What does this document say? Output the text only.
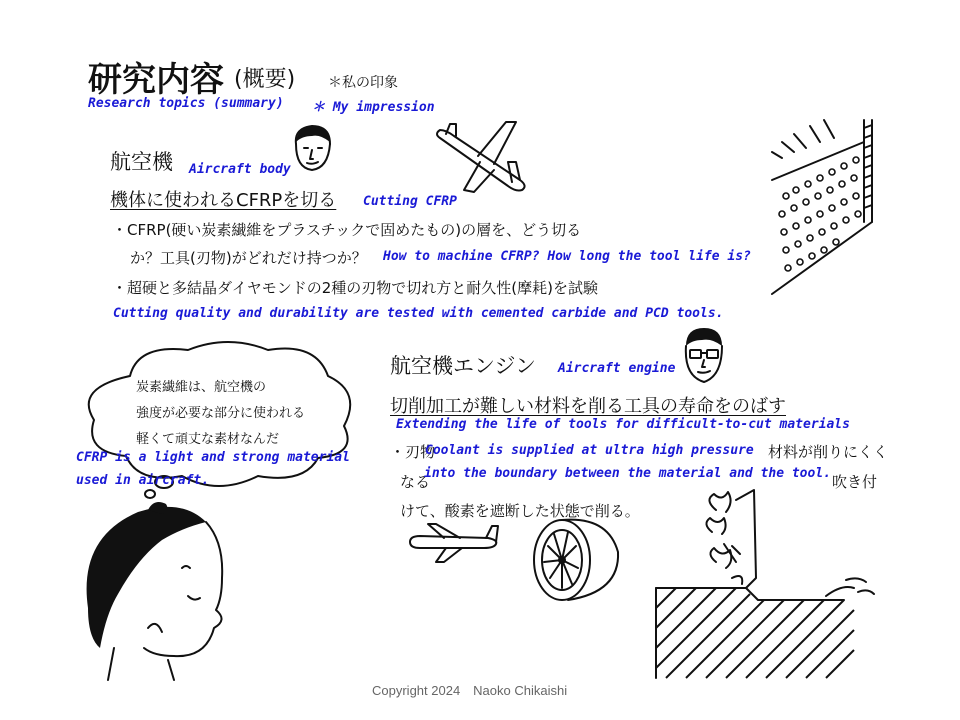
研究内容 (概要) ＊私の印象
Research topics (summary) ＊ My impression
航空機 Aircraft body
機体に使われるCFRPを切る Cutting CFRP
・CFRP(硬い炭素繊維をプラスチックで固めたもの)の層を、どう切る
か？工具(刃物)がどれだけ持つか？ How to machine CFRP? How long the tool life is?
・超硬と多結晶ダイヤモンドの2種の刃物で切れ方と耐久性(摩耗)を試験
Cutting quality and durability are tested with cemented carbide and PCD tools.
炭素繊維は、航空機の
強度が必要な部分に使われる
軽くて頑丈な素材なんだ
CFRP is a light and strong material
used in aircraft.
航空機エンジン Aircraft engine
切削加工が難しい材料を削る工具の寿命をのばす
Extending the life of tools for difficult-to-cut materials
・刃物	材料が削りにくく
Coolant is supplied at ultra high pressure
なる	吹き付
into the boundary between the material and the tool.
けて、酸素を遮断した状態で削る。
Copyright 2024　Naoko Chikaishi
